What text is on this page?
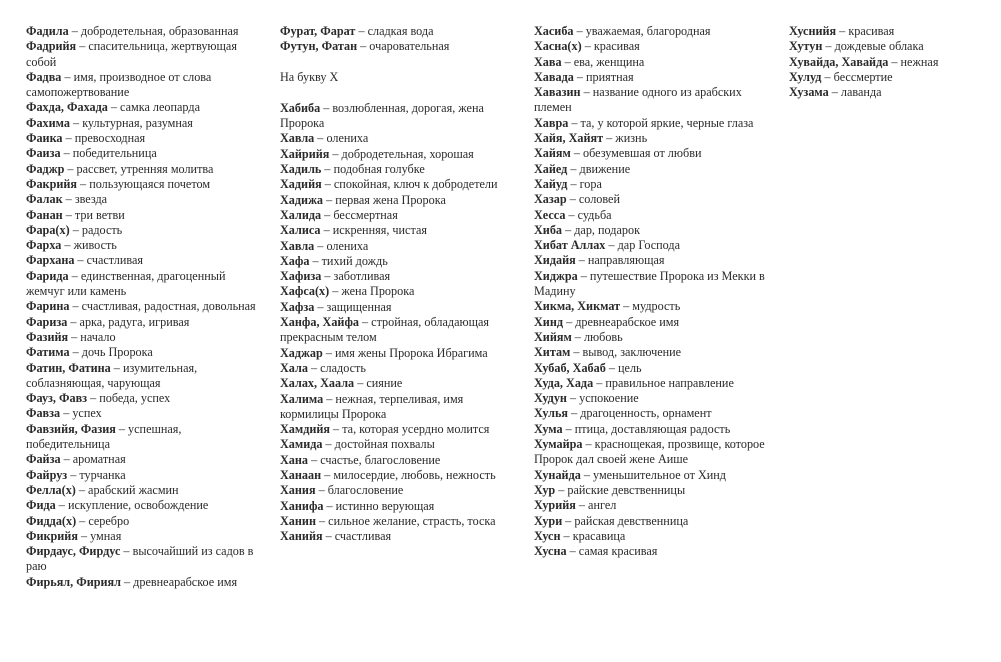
Фадила – добродетельная, образованная

Фадрийя – спасительница, жертвующая собой

Фадва – имя, производное от слова самопожертвование

Фахда, Фахада – самка леопарда

Фахима – культурная, разумная

Фаика – превосходная

Фаиза – победительница

Фаджр – рассвет, утренняя молитва

Факрийя – пользующаяся почетом

Фалак – звезда

Фанан – три ветви

Фара(х) – радость

Фарха – живость

Фархана – счастливая

Фарида – единственная, драгоценный жемчуг или камень

Фарина – счастливая, радостная, довольная

Фариза – арка, радуга, игривая

Фазийя – начало

Фатима – дочь Пророка

Фатин, Фатина – изумительная, соблазняющая, чарующая

Фауз, Фавз – победа, успех

Фавза – успех

Фавзийя, Фазия – успешная, победительница

Файза – ароматная

Файруз – турчанка

Фелла(х) – арабский жасмин

Фида – искупление, освобождение

Фидда(х) – серебро

Фикрийя – умная

Фирдаус, Фирдус – высочайший из садов в раю

Фирьял, Фириял – древнеарабское имя

Фурат, Фарат – сладкая вода

Футун, Фатан – очаровательная

На букву Х

Хабиба – возлюбленная, дорогая, жена Пророка

Хавла – олениха

Хайрийя – добродетельная, хорошая

Хадиль – подобная голубке

Хадийя – спокойная, ключ к добродетели

Хадижа – первая жена Пророка

Халида – бессмертная

Халиса – искренняя, чистая

Хавла – олениха

Хафа – тихий дождь

Хафиза – заботливая

Хафса(х) – жена Пророка

Хафза – защищенная

Ханфа, Хайфа – стройная, обладающая прекрасным телом

Хаджар – имя жены Пророка Ибрагима

Хала – сладость

Халах, Хаала – сияние

Халима – нежная, терпеливая, имя кормилицы Пророка

Хамдийя – та, которая усердно молится

Хамида – достойная похвалы

Хана – счастье, благословение

Ханаан – милосердие, любовь, нежность

Хания – благословение

Ханифа – истинно верующая

Ханин – сильное желание, страсть, тоска

Ханийя – счастливая

Хасиба – уважаемая, благородная

Хасна(х) – красивая

Хава – ева, женщина

Хавада – приятная

Хавазин – название одного из арабских племен

Хавра – та, у которой яркие, черные глаза

Хайя, Хайят – жизнь

Хайям – обезумевшая от любви

Хайед – движение

Хайуд – гора

Хазар – соловей

Хесса – судьба

Хиба – дар, подарок

Хибат Аллах – дар Господа

Хидайя – направляющая

Хиджра – путешествие Пророка из Мекки в Мадину

Хикма, Хикмат – мудрость

Хинд – древнеарабское имя

Хийям – любовь

Хитам – вывод, заключение

Хубаб, Хабаб – цель

Худа, Хада – правильное направление

Худун – успокоение

Хулья – драгоценность, орнамент

Хума – птица, доставляющая радость

Хумайра – краснощекая, прозвище, которое Пророк дал своей жене Аише

Хунайда – уменьшительное от Хинд

Хур – райские девственницы

Хурийя – ангел

Хури – райская девственница

Хусн – красавица

Хусна – самая красивая

Хуснийя – красивая

Хутун – дождевые облака

Хувайда, Хавайда – нежная

Хулуд – бессмертие

Хузама – лаванда
